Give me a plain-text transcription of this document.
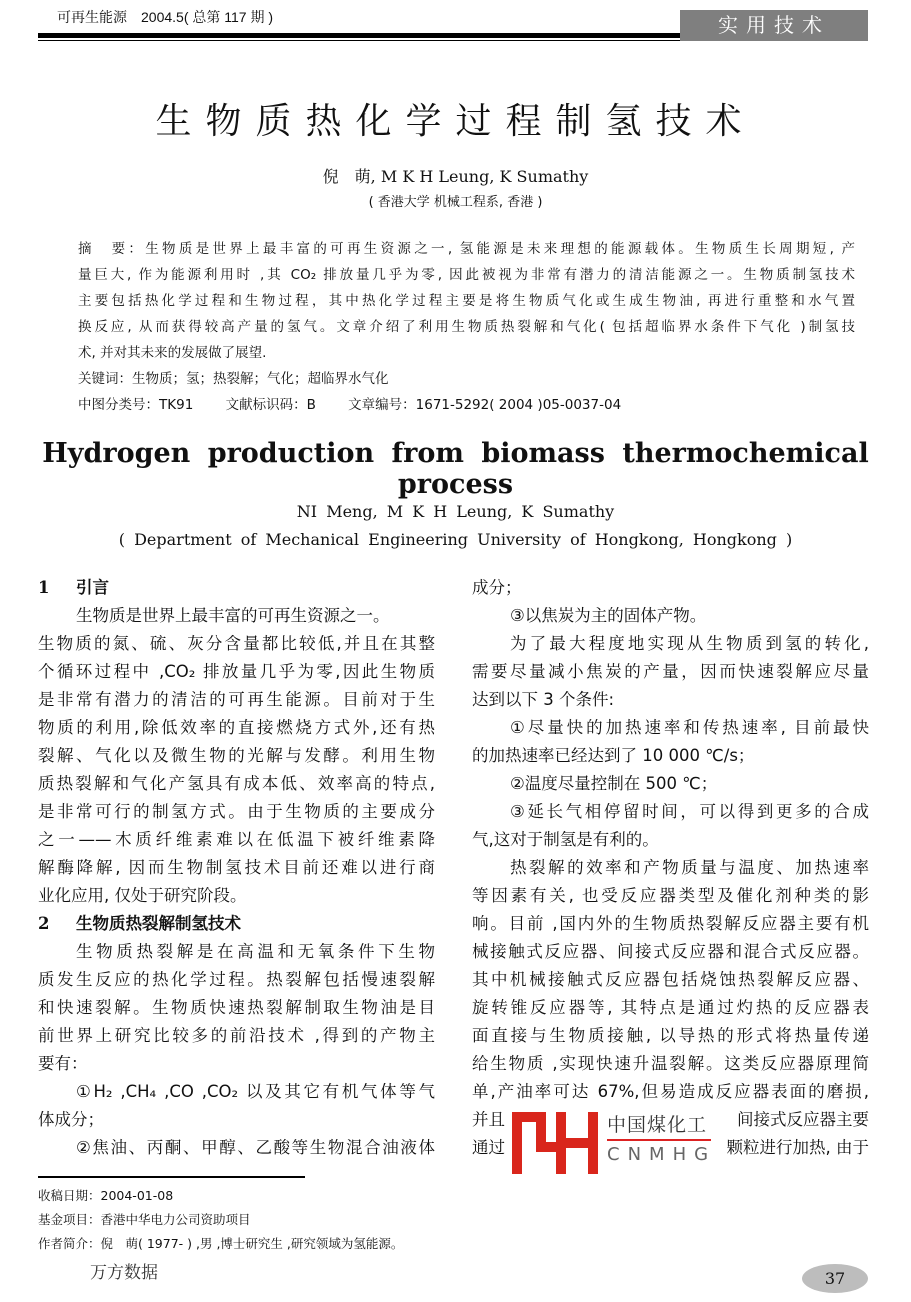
可再生能源　2004.5( 总第 117 期 )	实用技术
生物质热化学过程制氢技术
倪　萌, M K H Leung, K Sumathy
( 香港大学 机械工程系, 香港 )
摘　要：生物质是世界上最丰富的可再生资源之一, 氢能源是未来理想的能源载体。生物质生长周期短, 产
量巨大, 作为能源利用时 ,其 CO₂ 排放量几乎为零, 因此被视为非常有潜力的清洁能源之一。生物质制氢技术
主要包括热化学过程和生物过程，其中热化学过程主要是将生物质气化或生成生物油, 再进行重整和水气置
换反应, 从而获得较高产量的氢气。文章介绍了利用生物质热裂解和气化( 包括超临界水条件下气化 )制氢技
术, 并对其未来的发展做了展望.
关键词：生物质；氢；热裂解；气化；超临界水气化
中图分类号：TK91 文献标识码：B 文章编号：1671-5292( 2004 )05-0037-04
Hydrogen production from biomass thermochemical process
NI Meng, M K H Leung, K Sumathy
( Department of Mechanical Engineering University of Hongkong, Hongkong )
1 引言
生物质是世界上最丰富的可再生资源之一。
生物质的氮、硫、灰分含量都比较低,并且在其整
个循环过程中 ,CO₂ 排放量几乎为零,因此生物质
是非常有潜力的清洁的可再生能源。目前对于生
物质的利用,除低效率的直接燃烧方式外,还有热
裂解、气化以及微生物的光解与发酵。利用生物
质热裂解和气化产氢具有成本低、效率高的特点,
是非常可行的制氢方式。由于生物质的主要成分
之一——木质纤维素难以在低温下被纤维素降
解酶降解, 因而生物制氢技术目前还难以进行商
业化应用, 仅处于研究阶段。
2 生物质热裂解制氢技术
生物质热裂解是在高温和无氧条件下生物
质发生反应的热化学过程。热裂解包括慢速裂解
和快速裂解。生物质快速热裂解制取生物油是目
前世界上研究比较多的前沿技术 ,得到的产物主
要有：
①H₂ ,CH₄ ,CO ,CO₂ 以及其它有机气体等气
体成分；
②焦油、丙酮、甲醇、乙酸等生物混合油液体
成分；
③以焦炭为主的固体产物。
为了最大程度地实现从生物质到氢的转化,
需要尽量减小焦炭的产量，因而快速裂解应尽量
达到以下 3 个条件:
①尽量快的加热速率和传热速率, 目前最快
的加热速率已经达到了 10 000 ℃/s；
②温度尽量控制在 500 ℃；
③延长气相停留时间，可以得到更多的合成
气,这对于制氢是有利的。
热裂解的效率和产物质量与温度、加热速率
等因素有关, 也受反应器类型及催化剂种类的影
响。目前 ,国内外的生物质热裂解反应器主要有机
械接触式反应器、间接式反应器和混合式反应器。
其中机械接触式反应器包括烧蚀热裂解反应器、
旋转锥反应器等, 其特点是通过灼热的反应器表
面直接与生物质接触, 以导热的形式将热量传递
给生物质 ,实现快速升温裂解。这类反应器原理简
单,产油率可达 67%,但易造成反应器表面的磨损,
并且	间接式反应器主要
通过	颗粒进行加热, 由于
中国煤化工
CNMHG
收稿日期：2004-01-08
基金项目：香港中华电力公司资助项目
作者简介：倪　萌( 1977- ) ,男 ,博士研究生 ,研究领域为氢能源。
万方数据	37
